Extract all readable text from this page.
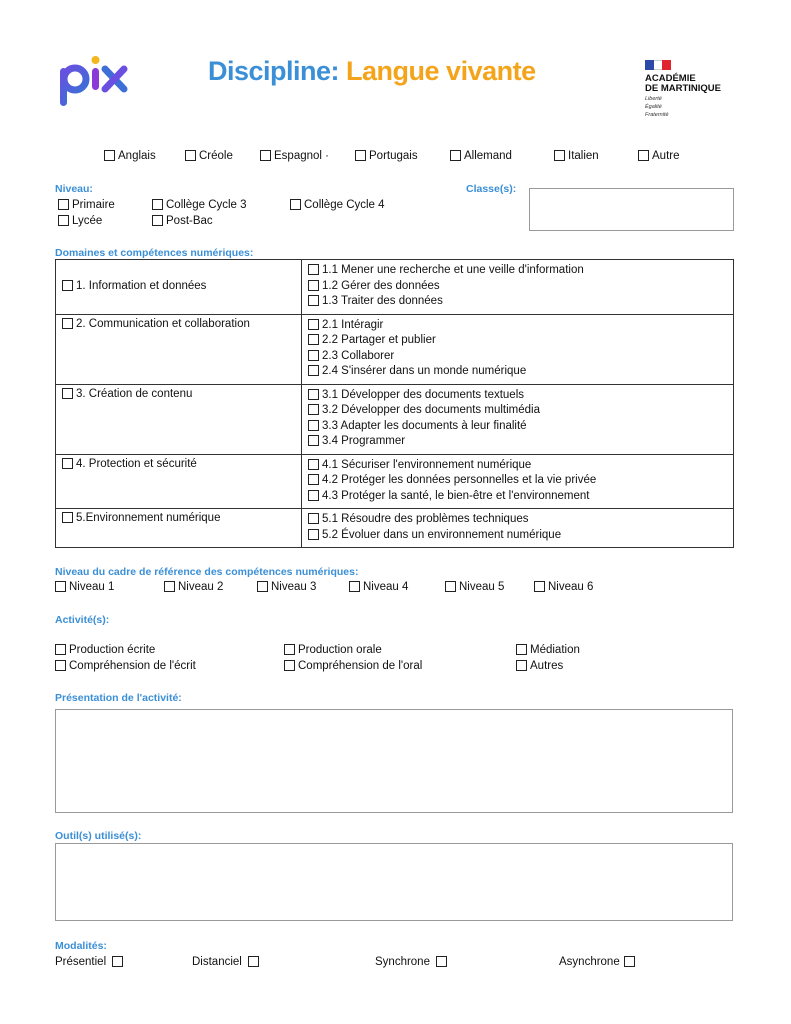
Discipline: Langue vivante	ACADÉMIE
DE MARTINIQUE
Liberté
Égalité
Fraternité
Anglais	Créole	Espagnol ·	Portugais	Allemand	Italien	Autre
Niveau:
Primaire	Collège Cycle 3	Collège Cycle 4
Lycée	Post-Bac
Classe(s):
Domaines et compétences numériques:
1. Information et données	1.1 Mener une recherche et une veille d'information
1.2 Gérer des données
1.3 Traiter des données

2. Communication et collaboration	2.1 Intéragir
2.2 Partager et publier
2.3 Collaborer
2.4 S'insérer dans un monde numérique

3. Création de contenu	3.1 Développer des documents textuels
3.2 Développer des documents multimédia
3.3 Adapter les documents à leur finalité
3.4 Programmer

4. Protection et sécurité	4.1 Sécuriser l'environnement numérique
4.2 Protéger les données personnelles et la vie privée
4.3 Protéger la santé, le bien-être et l'environnement

5.Environnement numérique	5.1 Résoudre des problèmes techniques
5.2 Évoluer dans un environnement numérique
Niveau du cadre de référence des compétences numériques:
Niveau 1	Niveau 2	Niveau 3	Niveau 4	Niveau 5	Niveau 6
Activité(s):
Production écrite	Production orale	Médiation
Compréhension de l'écrit	Compréhension de l'oral	Autres
Présentation de l'activité:
Outil(s) utilisé(s):
Modalités:
Présentiel	Distanciel	Synchrone	Asynchrone
